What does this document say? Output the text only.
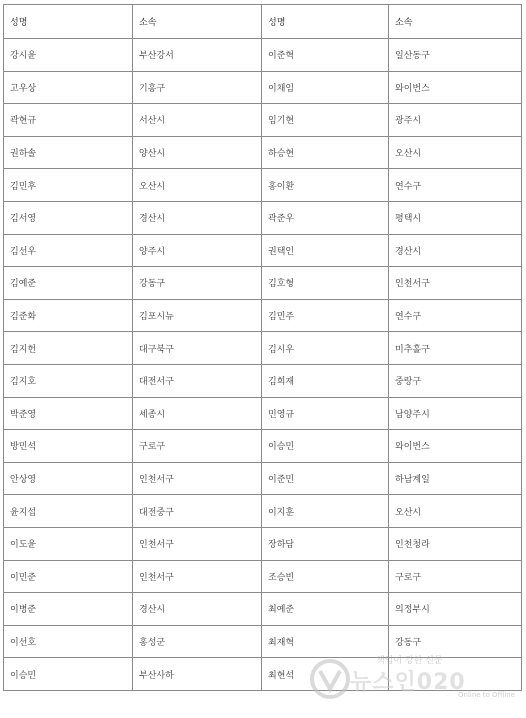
성명	소속	성명	소속
강시윤	부산강서	이준혁	일산동구
고우상	기흥구	이채임	와이번스
곽현규	서산시	임기현	광주시
권하솔	양산시	하승현	오산시
김민후	오산시	홍이환	연수구
김서영	경산시	곽준우	평택시
김선우	양주시	권택인	경산시
김예준	강동구	김호형	인천서구
김준화	김포시뉴	김민주	연수구
김지헌	대구북구	김시우	미추홀구
김지호	대전서구	김희재	중랑구
박준영	세종시	민영규	남양주시
방민석	구로구	이승민	와이번스
안상영	인천서구	이준민	하남계일
윤지섭	대전중구	이지훈	오산시
이도윤	인천서구	장하담	인천청라
이민준	인천서구	조승빈	구로구
이병준	경산시	최예준	의정부시
이선호	홍성군	최재혁	강동구
이승민	부산사하	최현석	
책임이 강한 신문
뉴스인020
Online to Offline
